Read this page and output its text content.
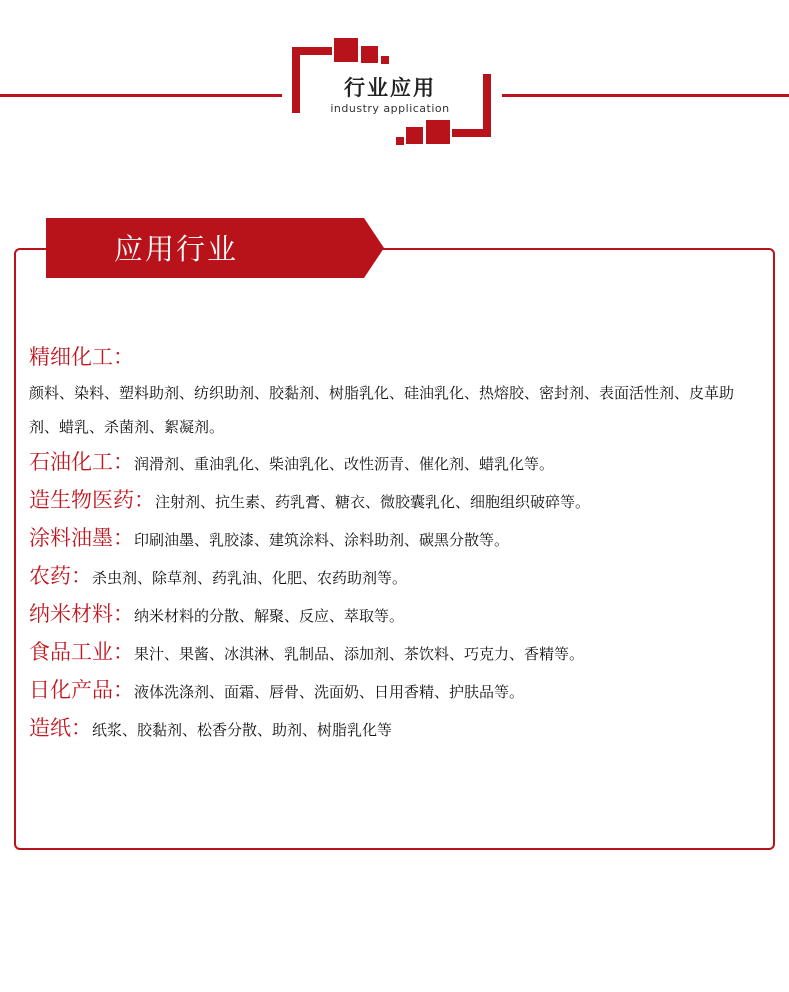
行业应用
industry application
应用行业
精细化工：
颜料、染料、塑料助剂、纺织助剂、胶黏剂、树脂乳化、硅油乳化、热熔胶、密封剂、表面活性剂、皮革助剂、蜡乳、杀菌剂、絮凝剂。
石油化工：润滑剂、重油乳化、柴油乳化、改性沥青、催化剂、蜡乳化等。
造生物医药：注射剂、抗生素、药乳膏、糖衣、微胶囊乳化、细胞组织破碎等。
涂料油墨：印刷油墨、乳胶漆、建筑涂料、涂料助剂、碳黑分散等。
农药：杀虫剂、除草剂、药乳油、化肥、农药助剂等。
纳米材料：纳米材料的分散、解聚、反应、萃取等。
食品工业：果汁、果酱、冰淇淋、乳制品、添加剂、茶饮料、巧克力、香精等。
日化产品：液体洗涤剂、面霜、唇骨、洗面奶、日用香精、护肤品等。
造纸：纸浆、胶黏剂、松香分散、助剂、树脂乳化等
